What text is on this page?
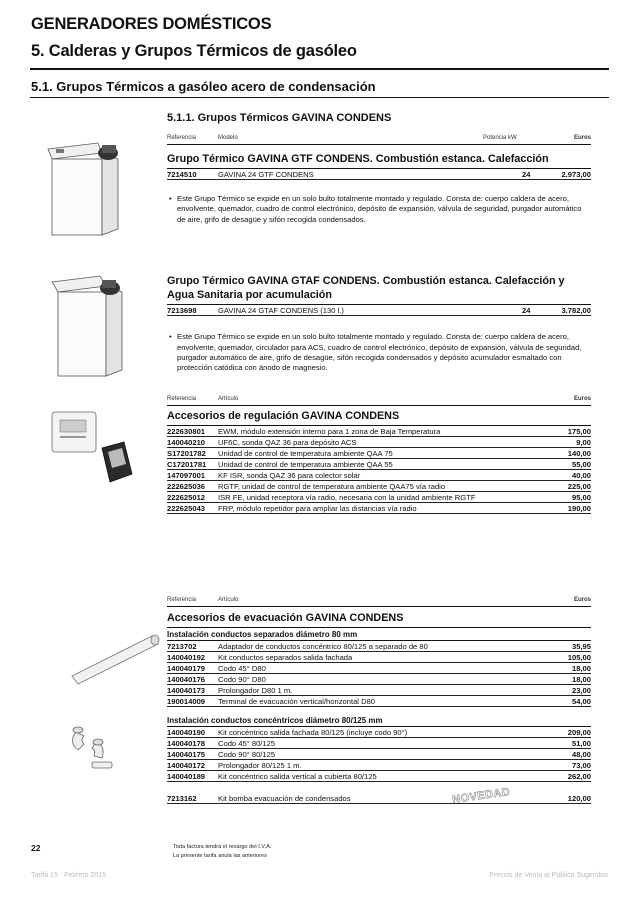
GENERADORES DOMÉSTICOS
5. Calderas y Grupos Térmicos de gasóleo
5.1. Grupos Térmicos a gasóleo acero de condensación
5.1.1. Grupos Térmicos GAVINA CONDENS
Referencia	Modelo	Potencia kW	Euros
Grupo Térmico GAVINA GTF CONDENS. Combustión estanca. Calefacción
7214510	GAVINA 24 GTF CONDENS	24	2.973,00
• Este Grupo Térmico se expide en un solo bulto totalmente montado y regulado. Consta de: cuerpo caldera de acero, envolvente, quemador, cuadro de control electrónico, depósito de expansión, válvula de seguridad, purgador automático de aire, grifo de desagüe y sifón recogida condensados.
Grupo Térmico GAVINA GTAF CONDENS. Combustión estanca. Calefacción y Agua Sanitaria por acumulación
7213698	GAVINA 24 GTAF CONDENS (130 l.)	24	3.782,00
• Este Grupo Térmico se expide en un solo bulto totalmente montado y regulado. Consta de: cuerpo caldera de acero, envolvente, quemador, circulador para ACS, cuadro de control electrónico, depósito de expansión, válvula de seguridad, purgador automático de aire, grifo de desagüe, sifón recogida condensados y depósito acumulador esmaltado con protección catódica con ánodo de magnesio.
Referencia	Artículo	Euros
Accesorios de regulación GAVINA CONDENS
222630801 EWM, módulo extensión interno para 1 zona de Baja Temperatura	175,00
140040210 UF6C, sonda QAZ 36 para depósito ACS	9,00
S17201782 Unidad de control de temperatura ambiente QAA 75	140,00
C17201781 Unidad de control de temperatura ambiente QAA 55	55,00
147097001 KF ISR, sonda QAZ 36 para colector solar	40,00
222625036 RGTF, unidad de control de temperatura ambiente QAA75 vía radio	225,00
222625012 ISR FE, unidad receptora vía radio, necesaria con la unidad ambiente RGTF	95,00
222625043 FRP, módulo repetidor para ampliar las distancias vía radio	190,00
Referencia	Artículo	Euros
Accesorios de evacuación GAVINA CONDENS
Instalación conductos separados diámetro 80 mm
7213702	Adaptador de conductos concéntrico 80/125 a separado de 80	35,95
140040192 Kit conductos separados salida fachada	105,00
140040179 Codo 45° D80	18,00
140040176 Codo 90° D80	18,00
140040173 Prolongador D80 1 m.	23,00
190014009 Terminal de evacuación vertical/horizontal D80	54,00
Instalación conductos concéntricos diámetro 80/125 mm
140040190 Kit concéntrico salida fachada 80/125 (incluye codo 90°)	209,00
140040178 Codo 45° 80/125	51,00
140040175 Codo 90° 80/125	48,00
140040172 Prolongador 80/125 1 m.	73,00
140040189 Kit concéntrico salida vertical a cubierta 80/125	262,00
7213162	Kit bomba evacuación de condensados	120,00
NOVEDAD
22	Toda factura tendrá el recargo del I.V.A.
La presente tarifa anula las anteriores
Tarifa 15 - Febrero 2015	Precios de Venta al Público Sugeridos
